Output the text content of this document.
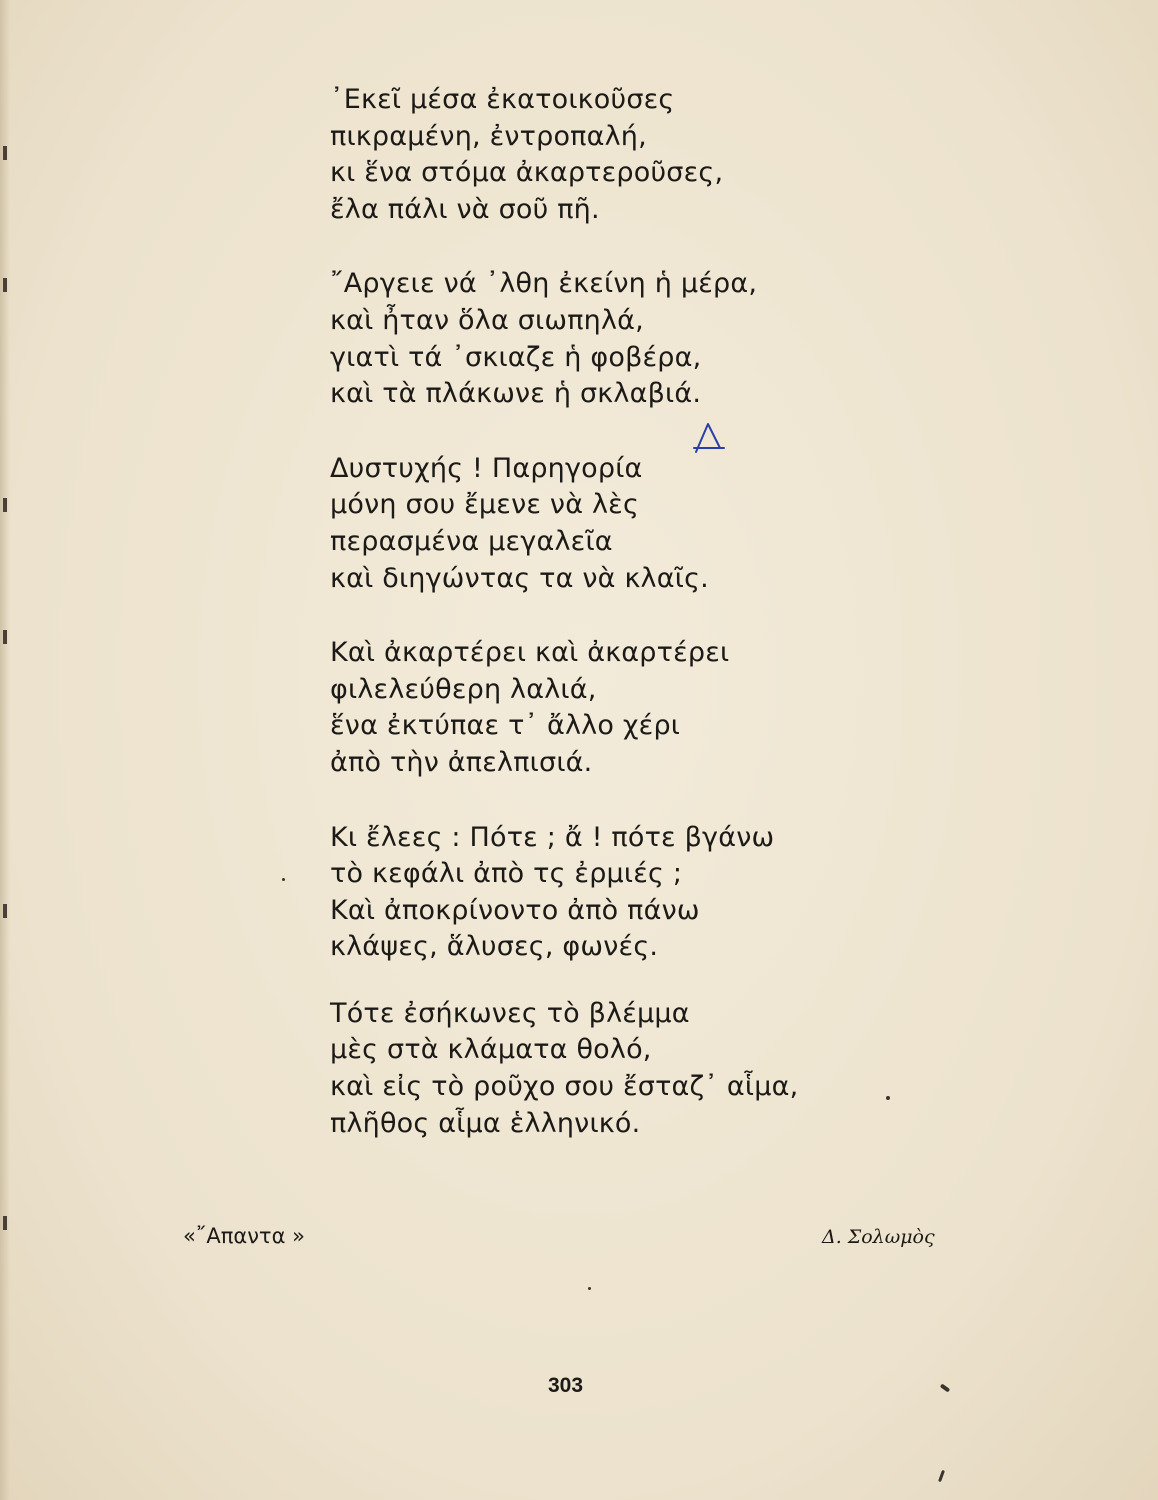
᾿Εκεῖ μέσα ἐκατοικοῦσες
πικραμένη, ἐντροπαλή,
κι ἕνα στόμα ἀκαρτεροῦσες,
ἔλα πάλι νὰ σοῦ πῆ.
῎Αργειε νά ᾿λθη ἐκείνη ἡ μέρα,
καὶ ἦταν ὅλα σιωπηλά,
γιατὶ τά ᾿σκιαζε ἡ φοβέρα,
καὶ τὰ πλάκωνε ἡ σκλαβιά.
Δυστυχής ! Παρηγορία
μόνη σου ἔμενε νὰ λὲς
περασμένα μεγαλεῖα
καὶ διηγώντας τα νὰ κλαῖς.
Καὶ ἀκαρτέρει καὶ ἀκαρτέρει
φιλελεύθερη λαλιά,
ἕνα ἐκτύπαε τ᾿ ἄλλο χέρι
ἀπὸ τὴν ἀπελπισιά.
Κι ἔλεες : Πότε ; ἄ ! πότε βγάνω
τὸ κεφάλι ἀπὸ τς ἐρμιές ;
Καὶ ἀποκρίνοντο ἀπὸ πάνω
κλάψες, ἅλυσες, φωνές.
Τότε ἐσήκωνες τὸ βλέμμα
μὲς στὰ κλάματα θολό,
καὶ εἰς τὸ ροῦχο σου ἔσταζ᾿ αἷμα,
πλῆθος αἷμα ἑλληνικό.
«῎Απαντα »	Δ. Σολωμὸς
303
